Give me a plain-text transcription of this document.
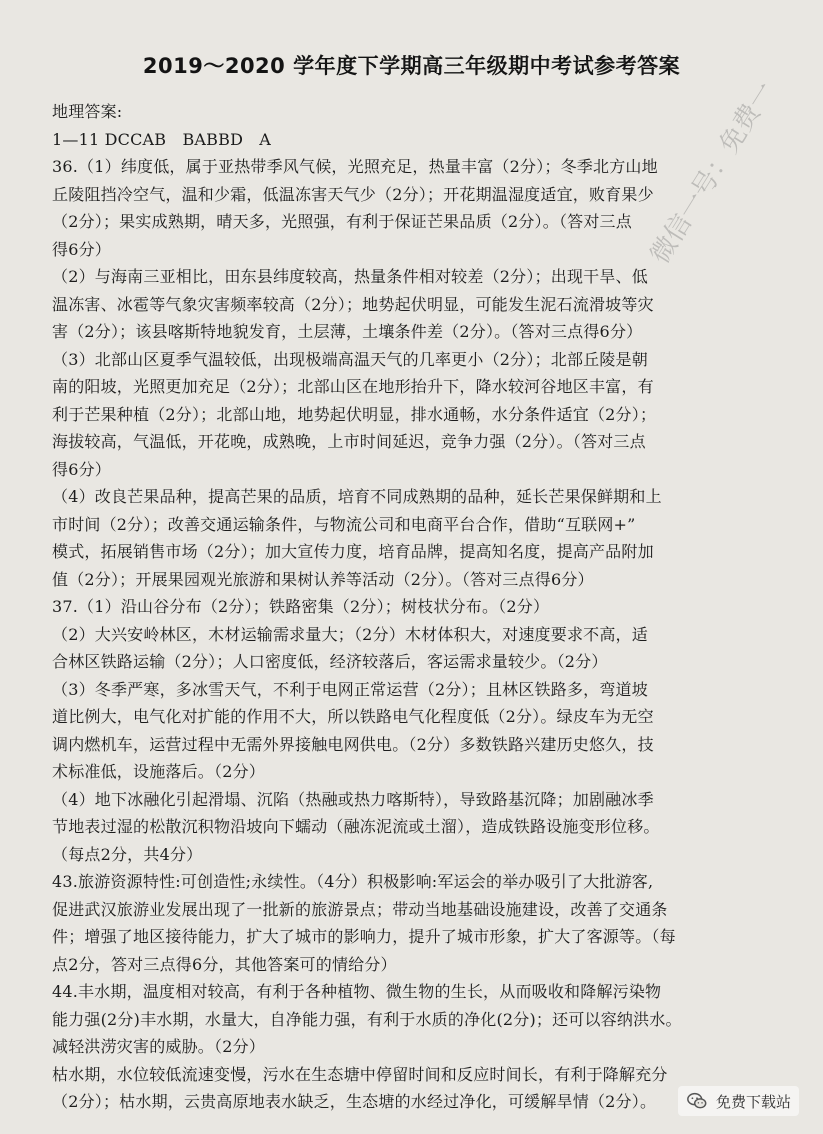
2019～2020 学年度下学期高三年级期中考试参考答案
地理答案:
1—11 DCCAB　BABBD　A
36.（1）纬度低，属于亚热带季风气候，光照充足，热量丰富（2分）；冬季北方山地
丘陵阻挡冷空气，温和少霜，低温冻害天气少（2分）；开花期温湿度适宜，败育果少
（2分）；果实成熟期，晴天多，光照强，有利于保证芒果品质（2分）。（答对三点
得6分）
（2）与海南三亚相比，田东县纬度较高，热量条件相对较差（2分）；出现干旱、低
温冻害、冰雹等气象灾害频率较高（2分）；地势起伏明显，可能发生泥石流滑坡等灾
害（2分）；该县喀斯特地貌发育，土层薄，土壤条件差（2分）。（答对三点得6分）
（3）北部山区夏季气温较低，出现极端高温天气的几率更小（2分）；北部丘陵是朝
南的阳坡，光照更加充足（2分）；北部山区在地形抬升下，降水较河谷地区丰富，有
利于芒果种植（2分）；北部山地，地势起伏明显，排水通畅，水分条件适宜（2分）；
海拔较高，气温低，开花晚，成熟晚，上市时间延迟，竞争力强（2分）。（答对三点
得6分）
（4）改良芒果品种，提高芒果的品质，培育不同成熟期的品种，延长芒果保鲜期和上
市时间（2分）；改善交通运输条件，与物流公司和电商平台合作，借助“互联网+”
模式，拓展销售市场（2分）；加大宣传力度，培育品牌，提高知名度，提高产品附加
值（2分）；开展果园观光旅游和果树认养等活动（2分）。（答对三点得6分）
37.（1）沿山谷分布（2分）；铁路密集（2分）；树枝状分布。（2分）
（2）大兴安岭林区，木材运输需求量大；（2分）木材体积大，对速度要求不高，适
合林区铁路运输（2分）；人口密度低，经济较落后，客运需求量较少。（2分）
（3）冬季严寒，多冰雪天气，不利于电网正常运营（2分）；且林区铁路多，弯道坡
道比例大，电气化对扩能的作用不大，所以铁路电气化程度低（2分）。绿皮车为无空
调内燃机车，运营过程中无需外界接触电网供电。（2分）多数铁路兴建历史悠久，技
术标准低，设施落后。（2分）
（4）地下冰融化引起滑塌、沉陷（热融或热力喀斯特），导致路基沉降；加剧融冰季
节地表过湿的松散沉积物沿坡向下蠕动（融冻泥流或土溜），造成铁路设施变形位移。
（每点2分，共4分）
43.旅游资源特性:可创造性;永续性。（4分）积极影响:军运会的举办吸引了大批游客,
促进武汉旅游业发展出现了一批新的旅游景点；带动当地基础设施建设，改善了交通条
件；增强了地区接待能力，扩大了城市的影响力，提升了城市形象，扩大了客源等。（每
点2分，答对三点得6分，其他答案可的情给分）
44.丰水期，温度相对较高，有利于各种植物、微生物的生长，从而吸收和降解污染物
能力强(2分)丰水期，水量大，自净能力强，有利于水质的净化(2分)；还可以容纳洪水。
减轻洪涝灾害的威胁。（2分）
枯水期，水位较低流速变慢，污水在生态塘中停留时间和反应时间长，有利于降解充分
（2分）；枯水期，云贵高原地表水缺乏，生态塘的水经过净化，可缓解旱情（2分）。
微信一号：免费一
免费下载站
